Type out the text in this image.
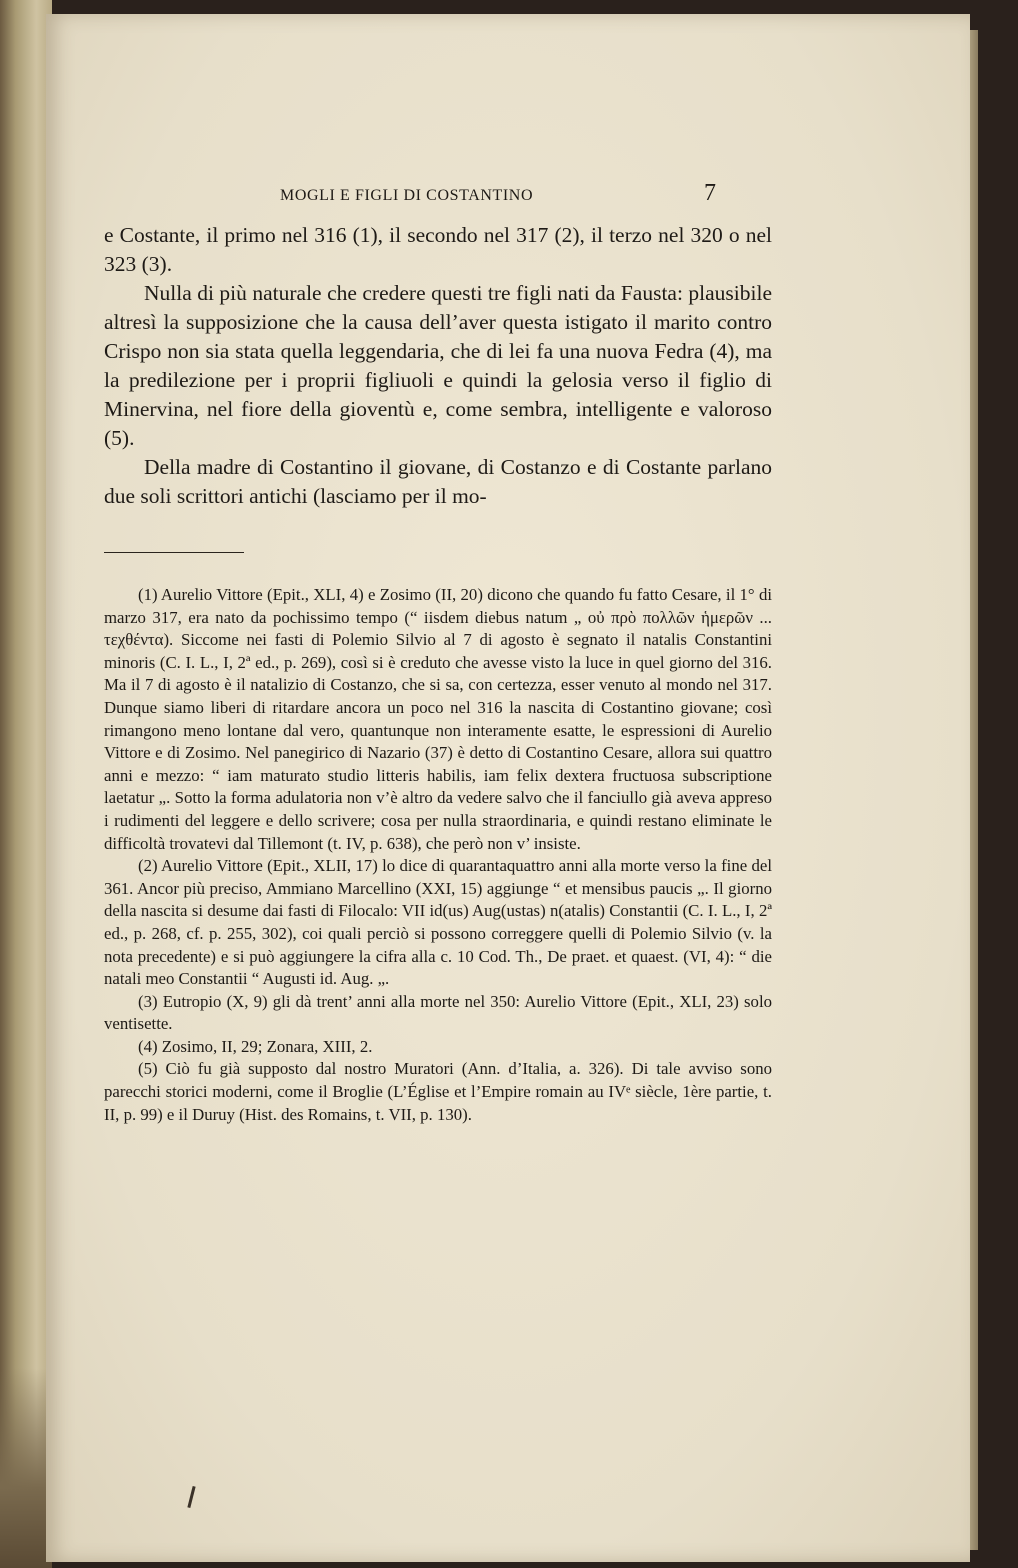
MOGLI E FIGLI DI COSTANTINO	7

e Costante, il primo nel 316 (1), il secondo nel 317 (2), il terzo nel 320 o nel 323 (3).

Nulla di più naturale che credere questi tre figli nati da Fausta: plausibile altresì la supposizione che la causa dell’aver questa istigato il marito contro Crispo non sia stata quella leggendaria, che di lei fa una nuova Fedra (4), ma la predilezione per i proprii figliuoli e quindi la gelosia verso il figlio di Minervina, nel fiore della gioventù e, come sembra, intelligente e valoroso (5).

Della madre di Costantino il giovane, di Costanzo e di Costante parlano due soli scrittori antichi (lasciamo per il mo-

(1) Aurelio Vittore (Epit., XLI, 4) e Zosimo (II, 20) dicono che quando fu fatto Cesare, il 1° di marzo 317, era nato da pochissimo tempo (“ iisdem diebus natum „ οὐ πρὸ πολλῶν ἡμερῶν ... τεχθέντα). Siccome nei fasti di Polemio Silvio al 7 di agosto è segnato il natalis Constantini minoris (C. I. L., I, 2ª ed., p. 269), così si è creduto che avesse visto la luce in quel giorno del 316. Ma il 7 di agosto è il natalizio di Costanzo, che si sa, con certezza, esser venuto al mondo nel 317. Dunque siamo liberi di ritardare ancora un poco nel 316 la nascita di Costantino giovane; così rimangono meno lontane dal vero, quantunque non interamente esatte, le espressioni di Aurelio Vittore e di Zosimo. Nel panegirico di Nazario (37) è detto di Costantino Cesare, allora sui quattro anni e mezzo: “ iam maturato studio litteris habilis, iam felix dextera fructuosa subscriptione laetatur „. Sotto la forma adulatoria non v’è altro da vedere salvo che il fanciullo già aveva appreso i rudimenti del leggere e dello scrivere; cosa per nulla straordinaria, e quindi restano eliminate le difficoltà trovatevi dal Tillemont (t. IV, p. 638), che però non v’ insiste.

(2) Aurelio Vittore (Epit., XLII, 17) lo dice di quarantaquattro anni alla morte verso la fine del 361. Ancor più preciso, Ammiano Marcellino (XXI, 15) aggiunge “ et mensibus paucis „. Il giorno della nascita si desume dai fasti di Filocalo: VII id(us) Aug(ustas) n(atalis) Constantii (C. I. L., I, 2ª ed., p. 268, cf. p. 255, 302), coi quali perciò si possono correggere quelli di Polemio Silvio (v. la nota precedente) e si può aggiungere la cifra alla c. 10 Cod. Th., De praet. et quaest. (VI, 4): “ die natali meo Constantii “ Augusti id. Aug. „.

(3) Eutropio (X, 9) gli dà trent’ anni alla morte nel 350: Aurelio Vittore (Epit., XLI, 23) solo ventisette.

(4) Zosimo, II, 29; Zonara, XIII, 2.

(5) Ciò fu già supposto dal nostro Muratori (Ann. d’Italia, a. 326). Di tale avviso sono parecchi storici moderni, come il Broglie (L’Église et l’Empire romain au IVᵉ siècle, 1ère partie, t. II, p. 99) e il Duruy (Hist. des Romains, t. VII, p. 130).
